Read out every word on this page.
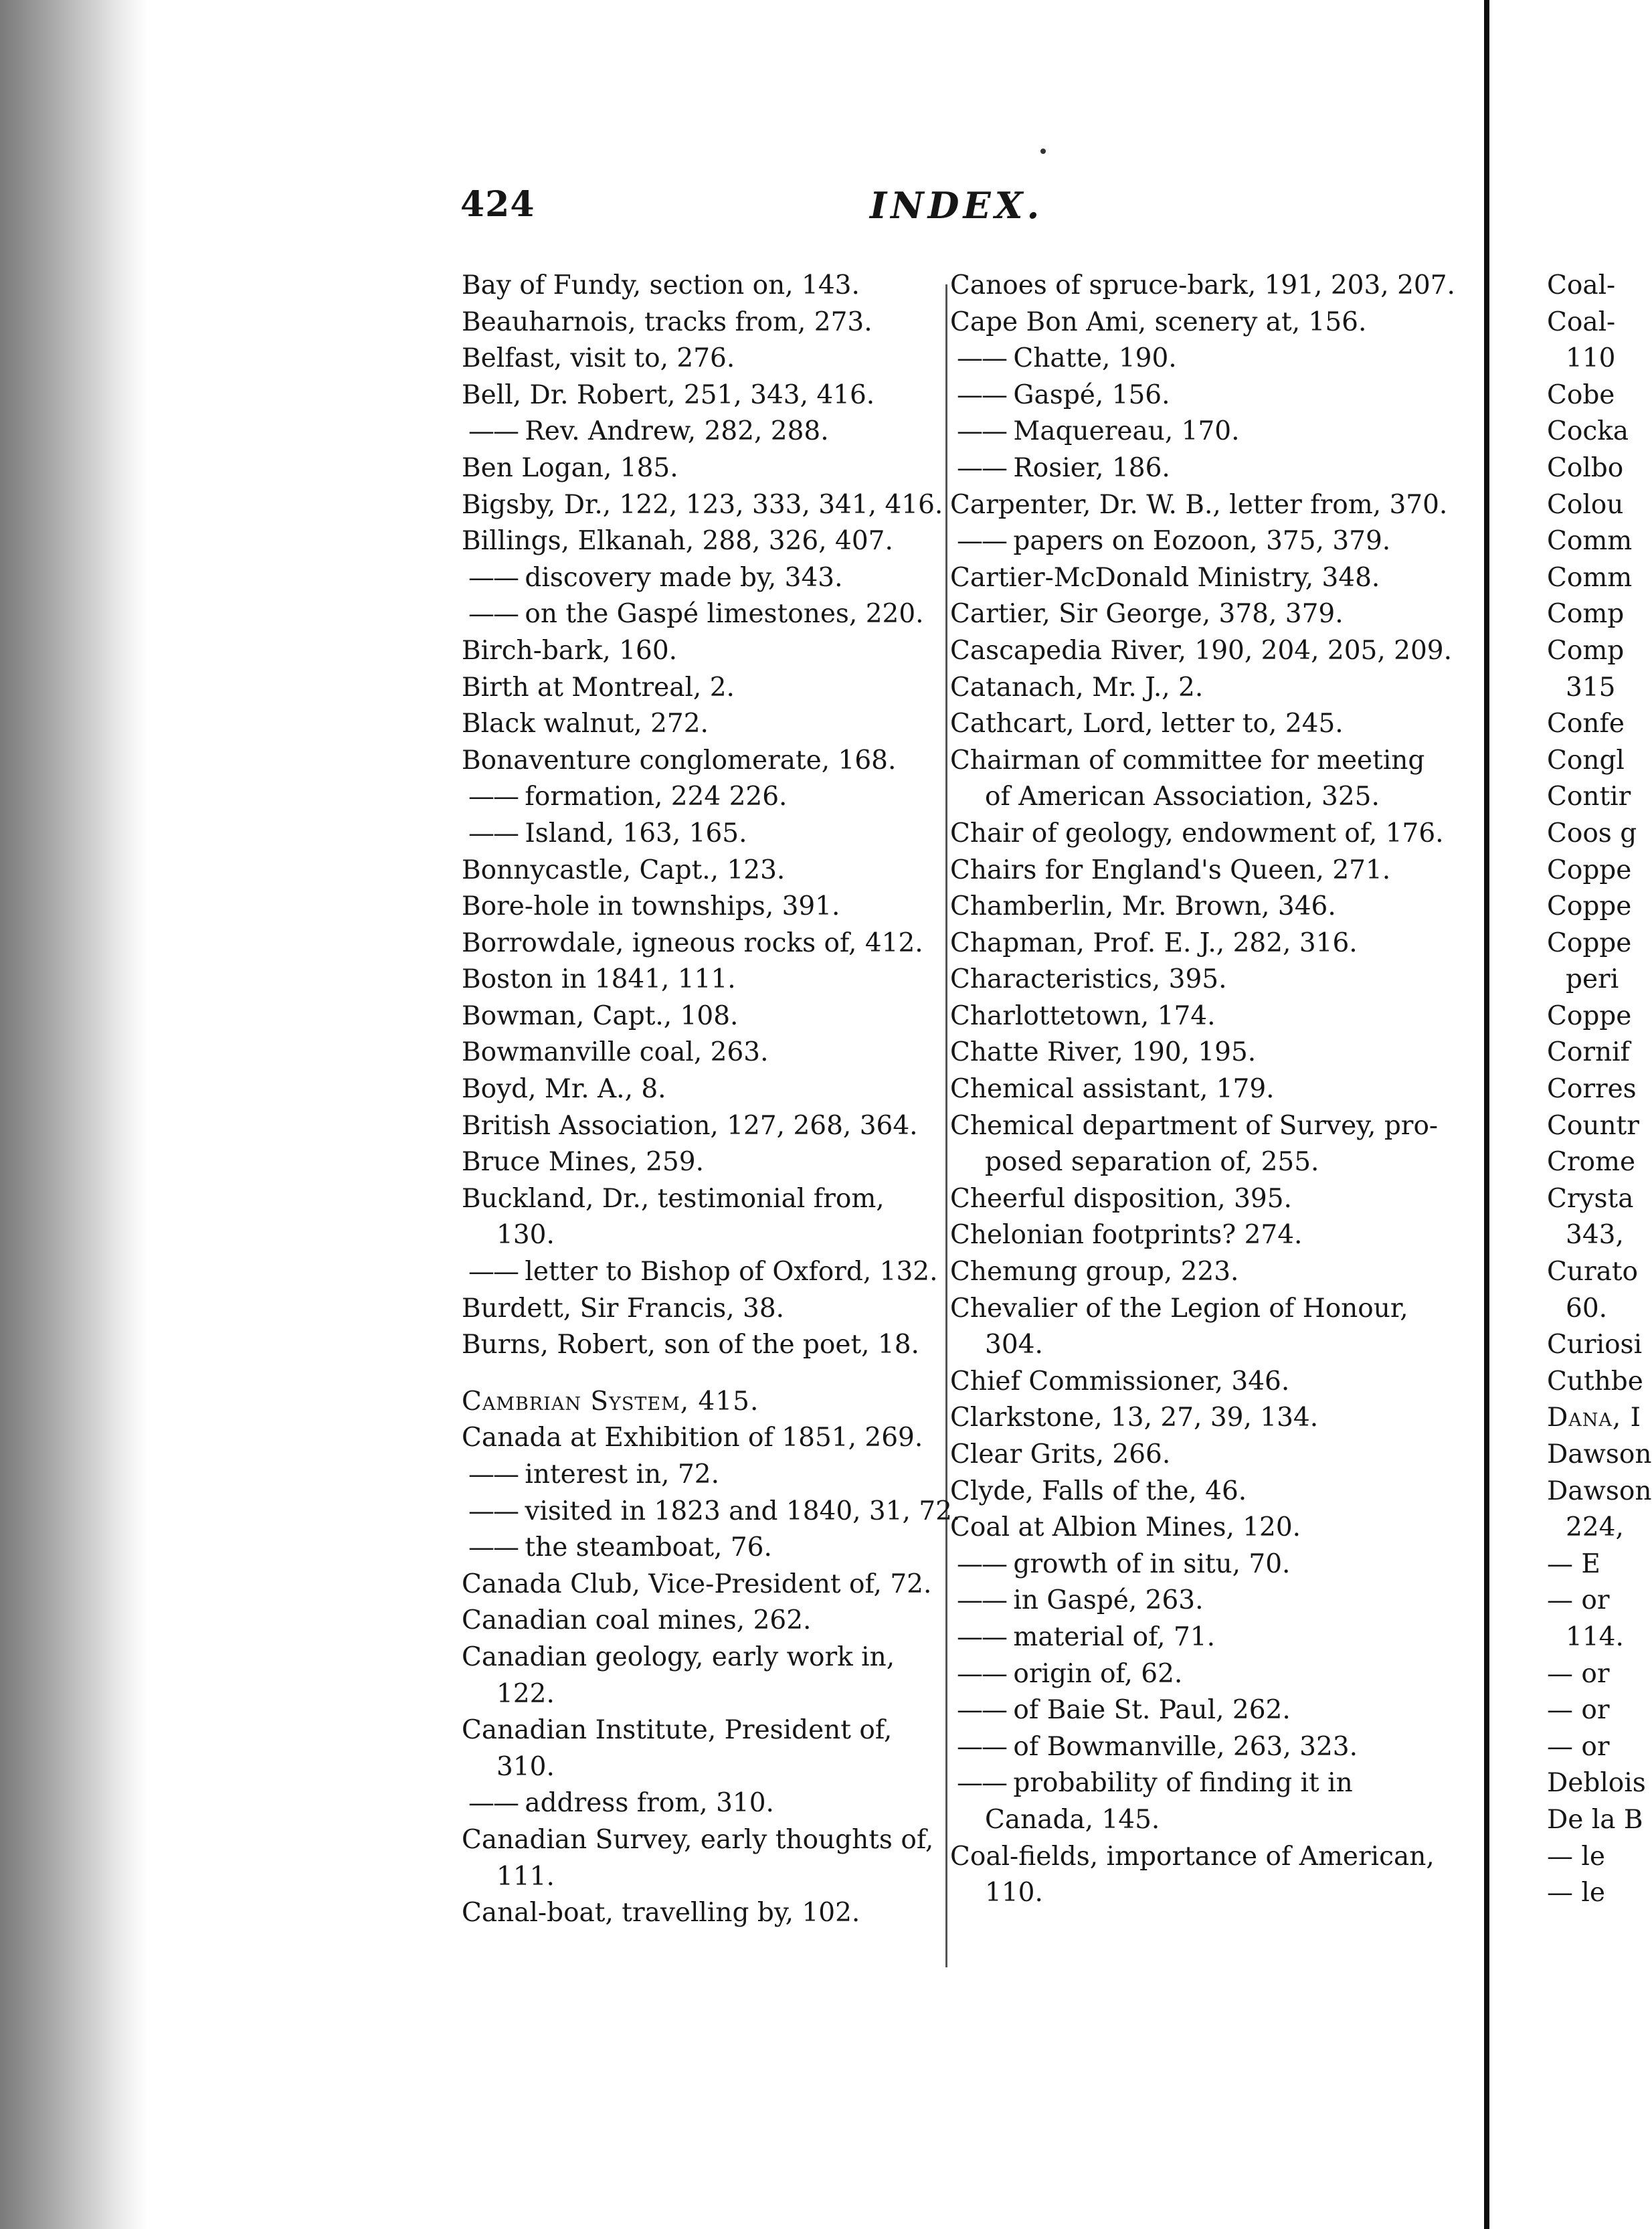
424	INDEX.
Bay of Fundy, section on, 143.
Beauharnois, tracks from, 273.
Belfast, visit to, 276.
Bell, Dr. Robert, 251, 343, 416.
—— Rev. Andrew, 282, 288.
Ben Logan, 185.
Bigsby, Dr., 122, 123, 333, 341, 416.
Billings, Elkanah, 288, 326, 407.
—— discovery made by, 343.
—— on the Gaspé limestones, 220.
Birch-bark, 160.
Birth at Montreal, 2.
Black walnut, 272.
Bonaventure conglomerate, 168.
—— formation, 224 226.
—— Island, 163, 165.
Bonnycastle, Capt., 123.
Bore-hole in townships, 391.
Borrowdale, igneous rocks of, 412.
Boston in 1841, 111.
Bowman, Capt., 108.
Bowmanville coal, 263.
Boyd, Mr. A., 8.
British Association, 127, 268, 364.
Bruce Mines, 259.
Buckland, Dr., testimonial from,
130.
—— letter to Bishop of Oxford, 132.
Burdett, Sir Francis, 38.
Burns, Robert, son of the poet, 18.
Cambrian System, 415.
Canada at Exhibition of 1851, 269.
—— interest in, 72.
—— visited in 1823 and 1840, 31, 72.
—— the steamboat, 76.
Canada Club, Vice-President of, 72.
Canadian coal mines, 262.
Canadian geology, early work in,
122.
Canadian Institute, President of,
310.
—— address from, 310.
Canadian Survey, early thoughts of,
111.
Canal-boat, travelling by, 102.
Canoes of spruce-bark, 191, 203, 207.
Cape Bon Ami, scenery at, 156.
—— Chatte, 190.
—— Gaspé, 156.
—— Maquereau, 170.
—— Rosier, 186.
Carpenter, Dr. W. B., letter from, 370.
—— papers on Eozoon, 375, 379.
Cartier-McDonald Ministry, 348.
Cartier, Sir George, 378, 379.
Cascapedia River, 190, 204, 205, 209.
Catanach, Mr. J., 2.
Cathcart, Lord, letter to, 245.
Chairman of committee for meeting
of American Association, 325.
Chair of geology, endowment of, 176.
Chairs for England's Queen, 271.
Chamberlin, Mr. Brown, 346.
Chapman, Prof. E. J., 282, 316.
Characteristics, 395.
Charlottetown, 174.
Chatte River, 190, 195.
Chemical assistant, 179.
Chemical department of Survey, pro-
posed separation of, 255.
Cheerful disposition, 395.
Chelonian footprints? 274.
Chemung group, 223.
Chevalier of the Legion of Honour,
304.
Chief Commissioner, 346.
Clarkstone, 13, 27, 39, 134.
Clear Grits, 266.
Clyde, Falls of the, 46.
Coal at Albion Mines, 120.
—— growth of in situ, 70.
—— in Gaspé, 263.
—— material of, 71.
—— origin of, 62.
—— of Baie St. Paul, 262.
—— of Bowmanville, 263, 323.
—— probability of finding it in
Canada, 145.
Coal-fields, importance of American,
110.
Coal-
Coal-
110
Cobe
Cocka
Colbo
Colou
Comm
Comm
Comp
Comp
315
Confe
Congl
Contir
Coos g
Coppe
Coppe
Coppe
peri
Coppe
Cornif
Corres
Countr
Crome
Crysta
343,
Curato
60.
Curiosi
Cuthbe
Dana, I
Dawson
Dawson
224,
— E
— or
114.
— or
— or
— or
Deblois
De la B
— le
— le
